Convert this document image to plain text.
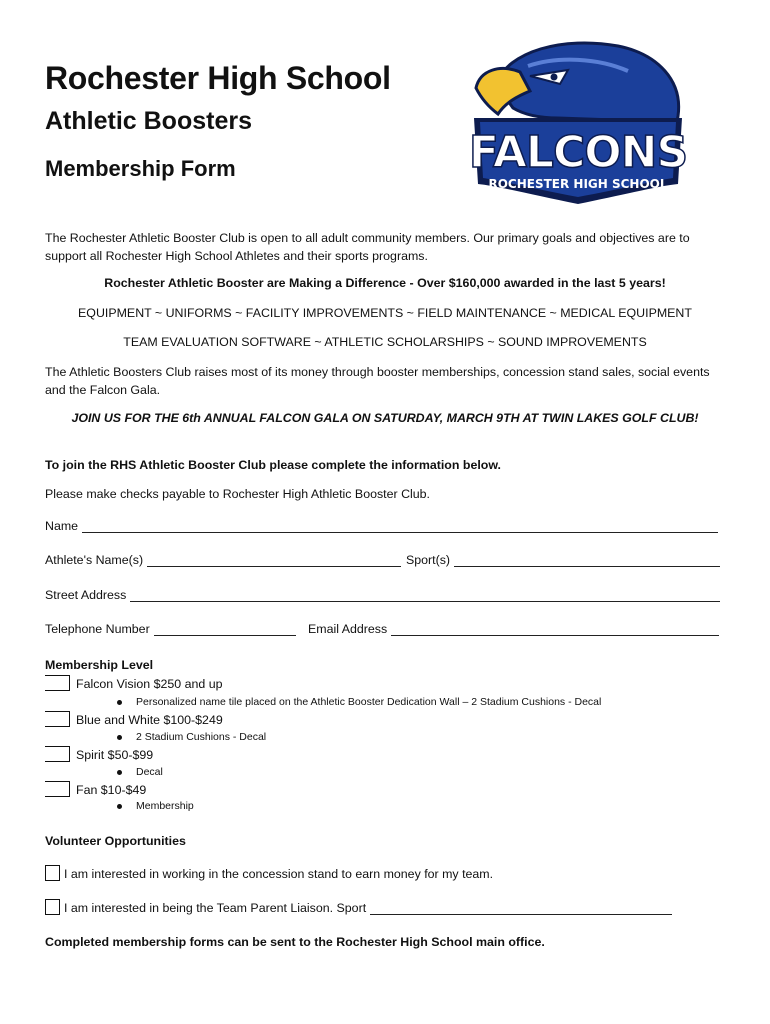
Rochester High School
Athletic Boosters
Membership Form	FALCONS
ROCHESTER HIGH SCHOOL
The Rochester Athletic Booster Club is open to all adult community members. Our primary goals and objectives are to
support all Rochester High School Athletes and their sports programs.
Rochester Athletic Booster are Making a Difference - Over $160,000 awarded in the last 5 years!
EQUIPMENT ~ UNIFORMS ~ FACILITY IMPROVEMENTS ~ FIELD MAINTENANCE ~ MEDICAL EQUIPMENT
TEAM EVALUATION SOFTWARE ~ ATHLETIC SCHOLARSHIPS ~ SOUND IMPROVEMENTS
The Athletic Boosters Club raises most of its money through booster memberships, concession stand sales, social events
and the Falcon Gala.
JOIN US FOR THE 6th ANNUAL FALCON GALA ON SATURDAY, MARCH 9TH AT TWIN LAKES GOLF CLUB!
To join the RHS Athletic Booster Club please complete the information below.
Please make checks payable to Rochester High Athletic Booster Club.
Name
Athlete's Name(s)	Sport(s)
Street Address
Telephone Number	Email Address
Membership Level
Falcon Vision $250 and up
Personalized name tile placed on the Athletic Booster Dedication Wall – 2 Stadium Cushions - Decal
Blue and White $100-$249
2 Stadium Cushions - Decal
Spirit $50-$99
Decal
Fan $10-$49
Membership
Volunteer Opportunities
I am interested in working in the concession stand to earn money for my team.
I am interested in being the Team Parent Liaison. Sport
Completed membership forms can be sent to the Rochester High School main office.
